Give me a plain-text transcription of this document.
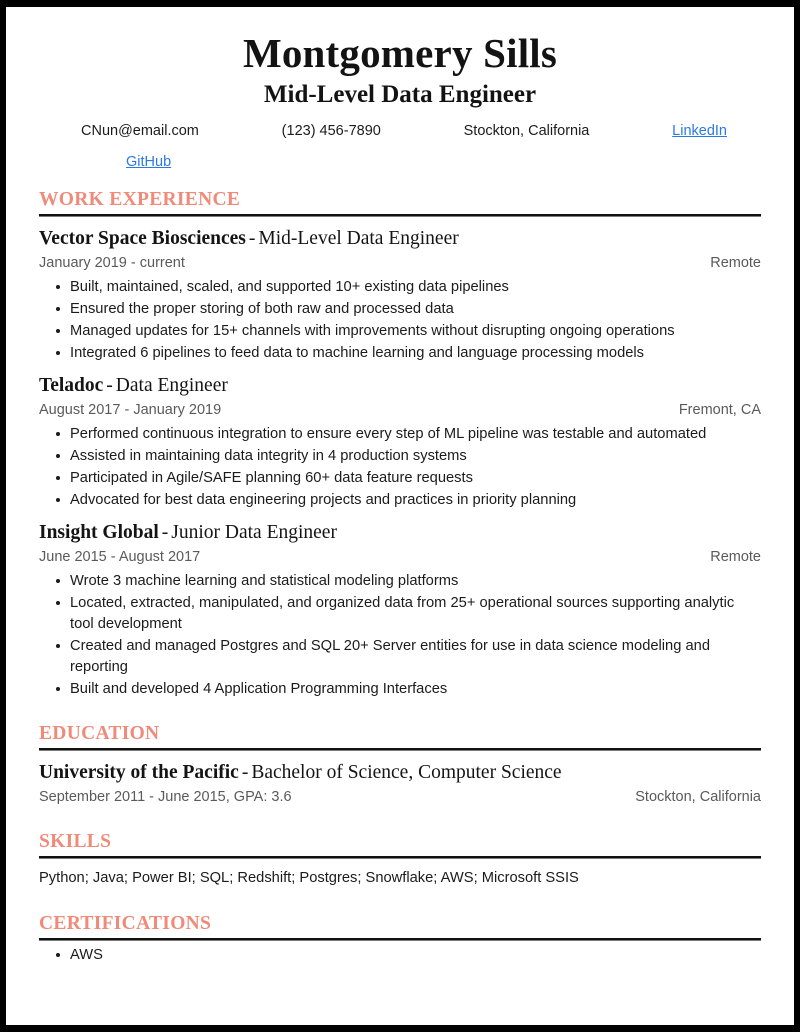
Montgomery Sills
Mid-Level Data Engineer
CNun@email.com	(123) 456-7890	Stockton, California	LinkedIn
GitHub
WORK EXPERIENCE
Vector Space Biosciences - Mid-Level Data Engineer
January 2019 - current	Remote
Built, maintained, scaled, and supported 10+ existing data pipelines
Ensured the proper storing of both raw and processed data
Managed updates for 15+ channels with improvements without disrupting ongoing operations
Integrated 6 pipelines to feed data to machine learning and language processing models
Teladoc - Data Engineer
August 2017 - January 2019	Fremont, CA
Performed continuous integration to ensure every step of ML pipeline was testable and automated
Assisted in maintaining data integrity in 4 production systems
Participated in Agile/SAFE planning 60+ data feature requests
Advocated for best data engineering projects and practices in priority planning
Insight Global - Junior Data Engineer
June 2015 - August 2017	Remote
Wrote 3 machine learning and statistical modeling platforms
Located, extracted, manipulated, and organized data from 25+ operational sources supporting analytic tool development
Created and managed Postgres and SQL 20+ Server entities for use in data science modeling and reporting
Built and developed 4 Application Programming Interfaces
EDUCATION
University of the Pacific - Bachelor of Science, Computer Science
September 2011 - June 2015, GPA: 3.6	Stockton, California
SKILLS
Python; Java; Power BI; SQL; Redshift; Postgres; Snowflake; AWS; Microsoft SSIS
CERTIFICATIONS
AWS
